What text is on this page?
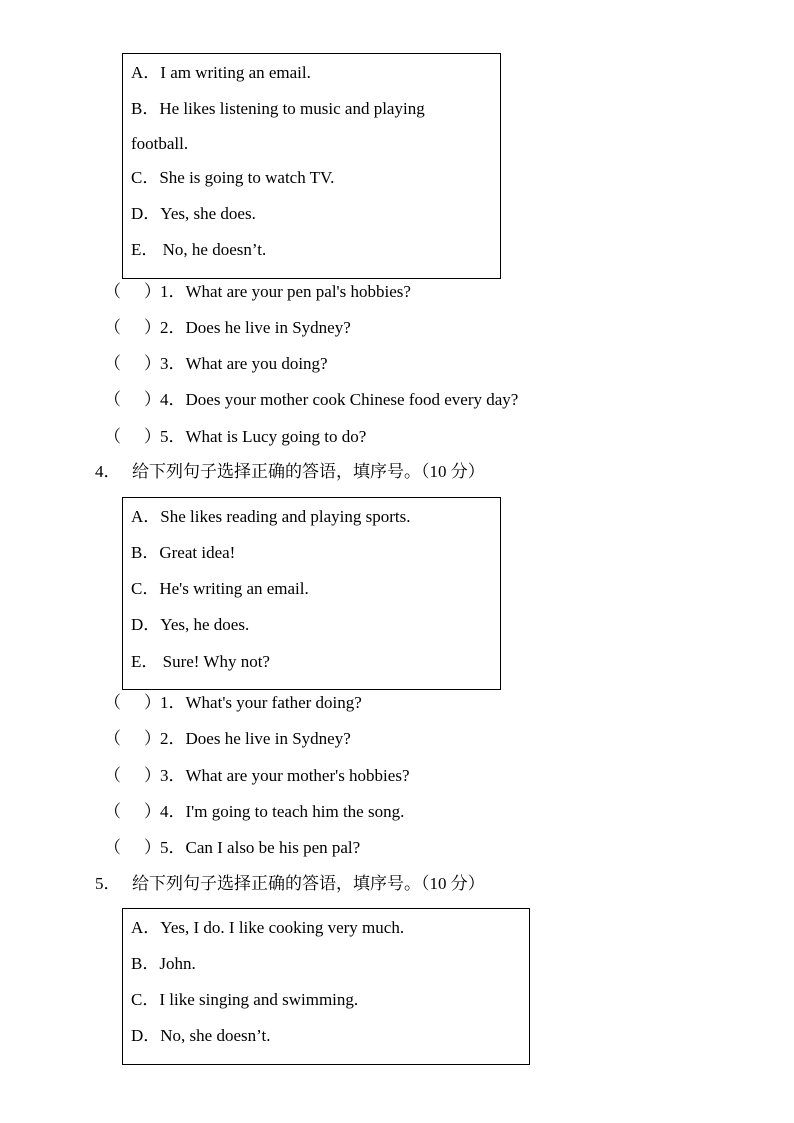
A．I am writing an email.
B．He likes listening to music and playing
football.
C．She is going to watch TV.
D．Yes, she does.
E． No, he doesn’t.
（ ） 1．What are your pen pal's hobbies?
（ ） 2．Does he live in Sydney?
（ ） 3．What are you doing?
（ ） 4．Does your mother cook Chinese food every day?
（ ） 5．What is Lucy going to do?
4． 给下列句子选择正确的答语，填序号。（10 分）
A．She likes reading and playing sports.
B．Great idea!
C．He's writing an email.
D．Yes, he does.
E． Sure! Why not?
（ ） 1．What's your father doing?
（ ） 2．Does he live in Sydney?
（ ） 3．What are your mother's hobbies?
（ ） 4．I'm going to teach him the song.
（ ） 5．Can I also be his pen pal?
5． 给下列句子选择正确的答语，填序号。（10 分）
A．Yes, I do. I like cooking very much.
B．John.
C．I like singing and swimming.
D．No, she doesn’t.
